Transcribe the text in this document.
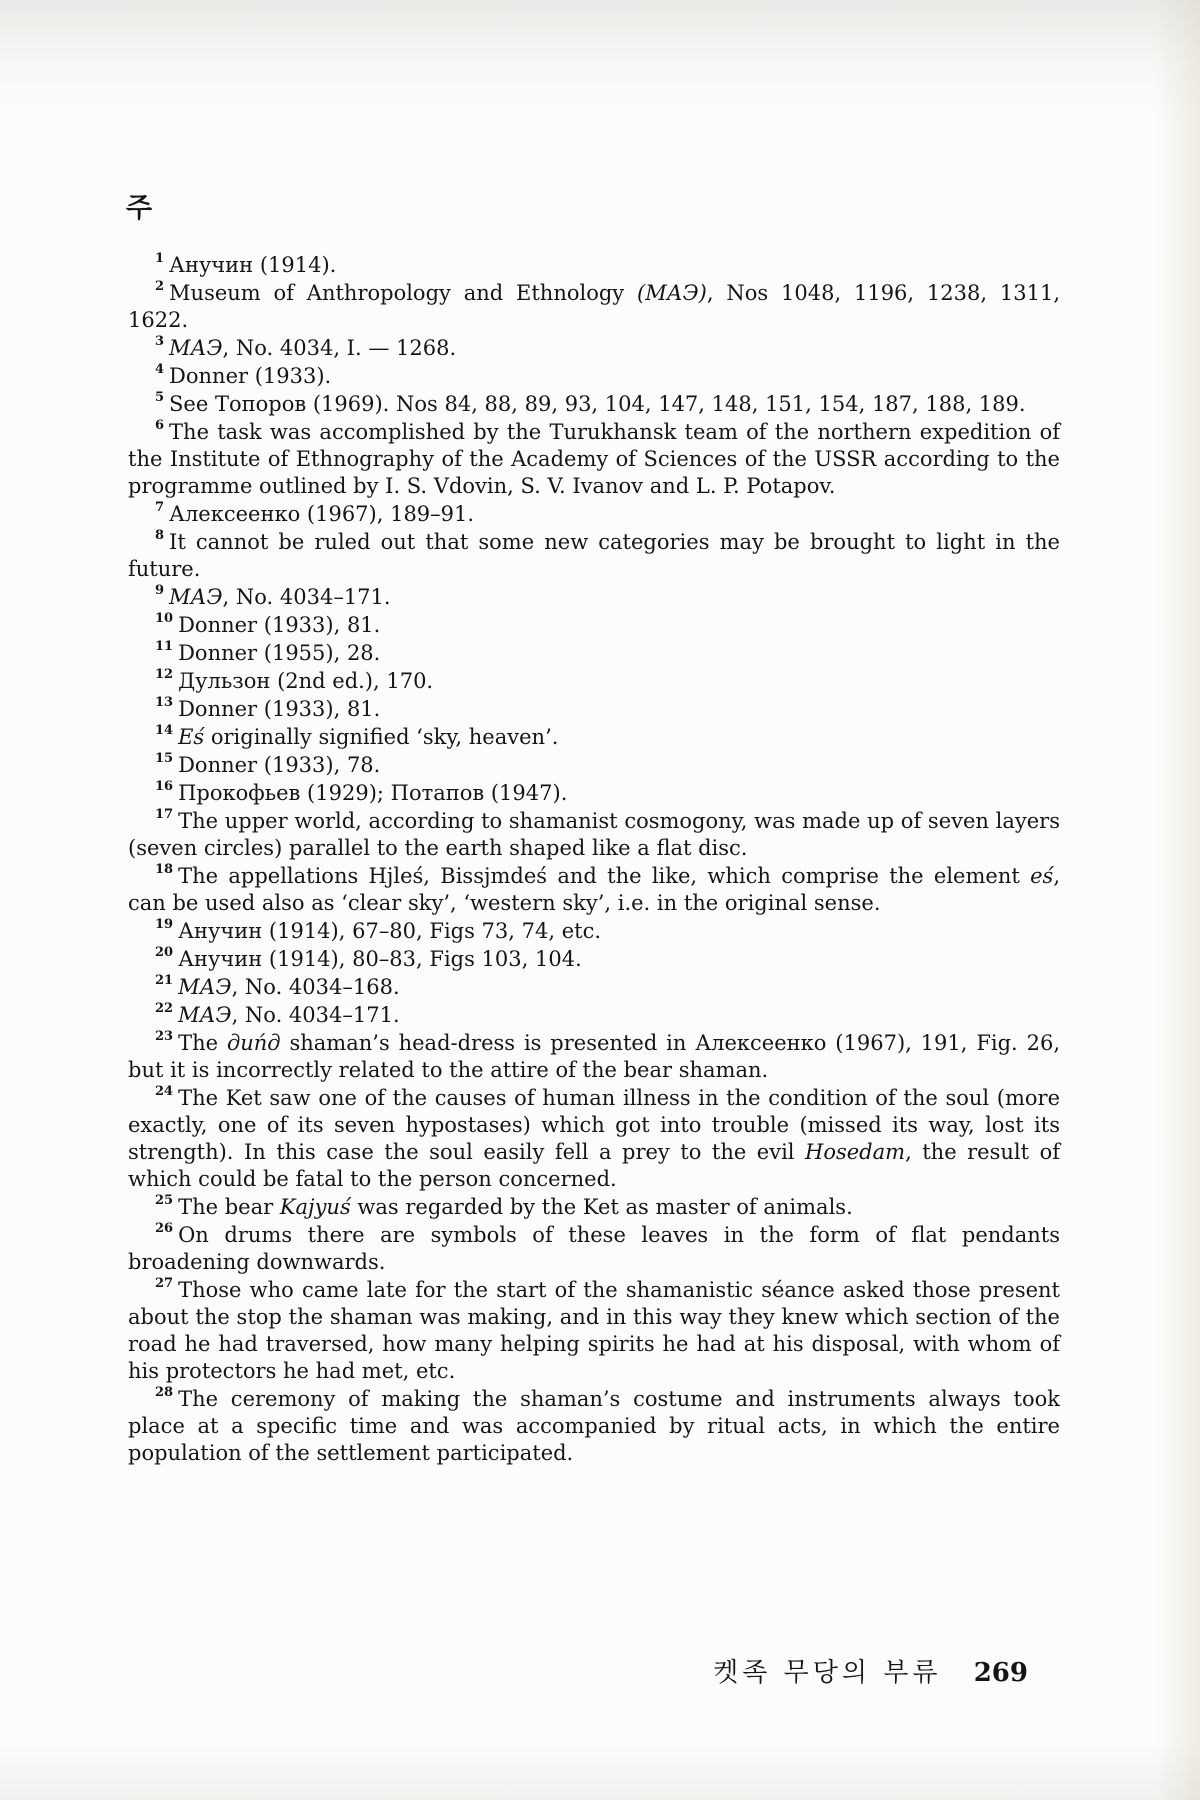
주

$^1$ Анучин (1914).

$^2$ Museum of Anthropology and Ethnology (МАЭ), Nos 1048, 1196, 1238, 1311, 1622.

$^3$ МАЭ, No. 4034, I. — 1268.

$^4$ Donner (1933).

$^5$ See Топоров (1969). Nos 84, 88, 89, 93, 104, 147, 148, 151, 154, 187, 188, 189.

$^6$ The task was accomplished by the Turukhansk team of the northern expedition of the Institute of Ethnography of the Academy of Sciences of the USSR according to the programme outlined by I. S. Vdovin, S. V. Ivanov and L. P. Potapov.

$^7$ Алексеенко (1967), 189–91.

$^8$ It cannot be ruled out that some new categories may be brought to light in the future.

$^9$ МАЭ, No. 4034–171.

$^{10}$ Donner (1933), 81.

$^{11}$ Donner (1955), 28.

$^{12}$ Дульзон (2nd ed.), 170.

$^{13}$ Donner (1933), 81.

$^{14}$ Eś originally signified ‘sky, heaven’.

$^{15}$ Donner (1933), 78.

$^{16}$ Прокофьев (1929); Потапов (1947).

$^{17}$ The upper world, according to shamanist cosmogony, was made up of seven layers (seven circles) parallel to the earth shaped like a flat disc.

$^{18}$ The appellations Hjleś, Bissjmdeś and the like, which comprise the element eś, can be used also as ‘clear sky’, ‘western sky’, i.e. in the original sense.

$^{19}$ Анучин (1914), 67–80, Figs 73, 74, etc.

$^{20}$ Анучин (1914), 80–83, Figs 103, 104.

$^{21}$ МАЭ, No. 4034–168.

$^{22}$ МАЭ, No. 4034–171.

$^{23}$ The дuńд shaman’s head-dress is presented in Алексеенко (1967), 191, Fig. 26, but it is incorrectly related to the attire of the bear shaman.

$^{24}$ The Ket saw one of the causes of human illness in the condition of the soul (more exactly, one of its seven hypostases) which got into trouble (missed its way, lost its strength). In this case the soul easily fell a prey to the evil Hosedam, the result of which could be fatal to the person concerned.

$^{25}$ The bear Kajyuś was regarded by the Ket as master of animals.

$^{26}$ On drums there are symbols of these leaves in the form of flat pendants broadening downwards.

$^{27}$ Those who came late for the start of the shamanistic séance asked those present about the stop the shaman was making, and in this way they knew which section of the road he had traversed, how many helping spirits he had at his disposal, with whom of his protectors he had met, etc.

$^{28}$ The ceremony of making the shaman’s costume and instruments always took place at a specific time and was accompanied by ritual acts, in which the entire population of the settlement participated.

켓족 무당의 부류 269
